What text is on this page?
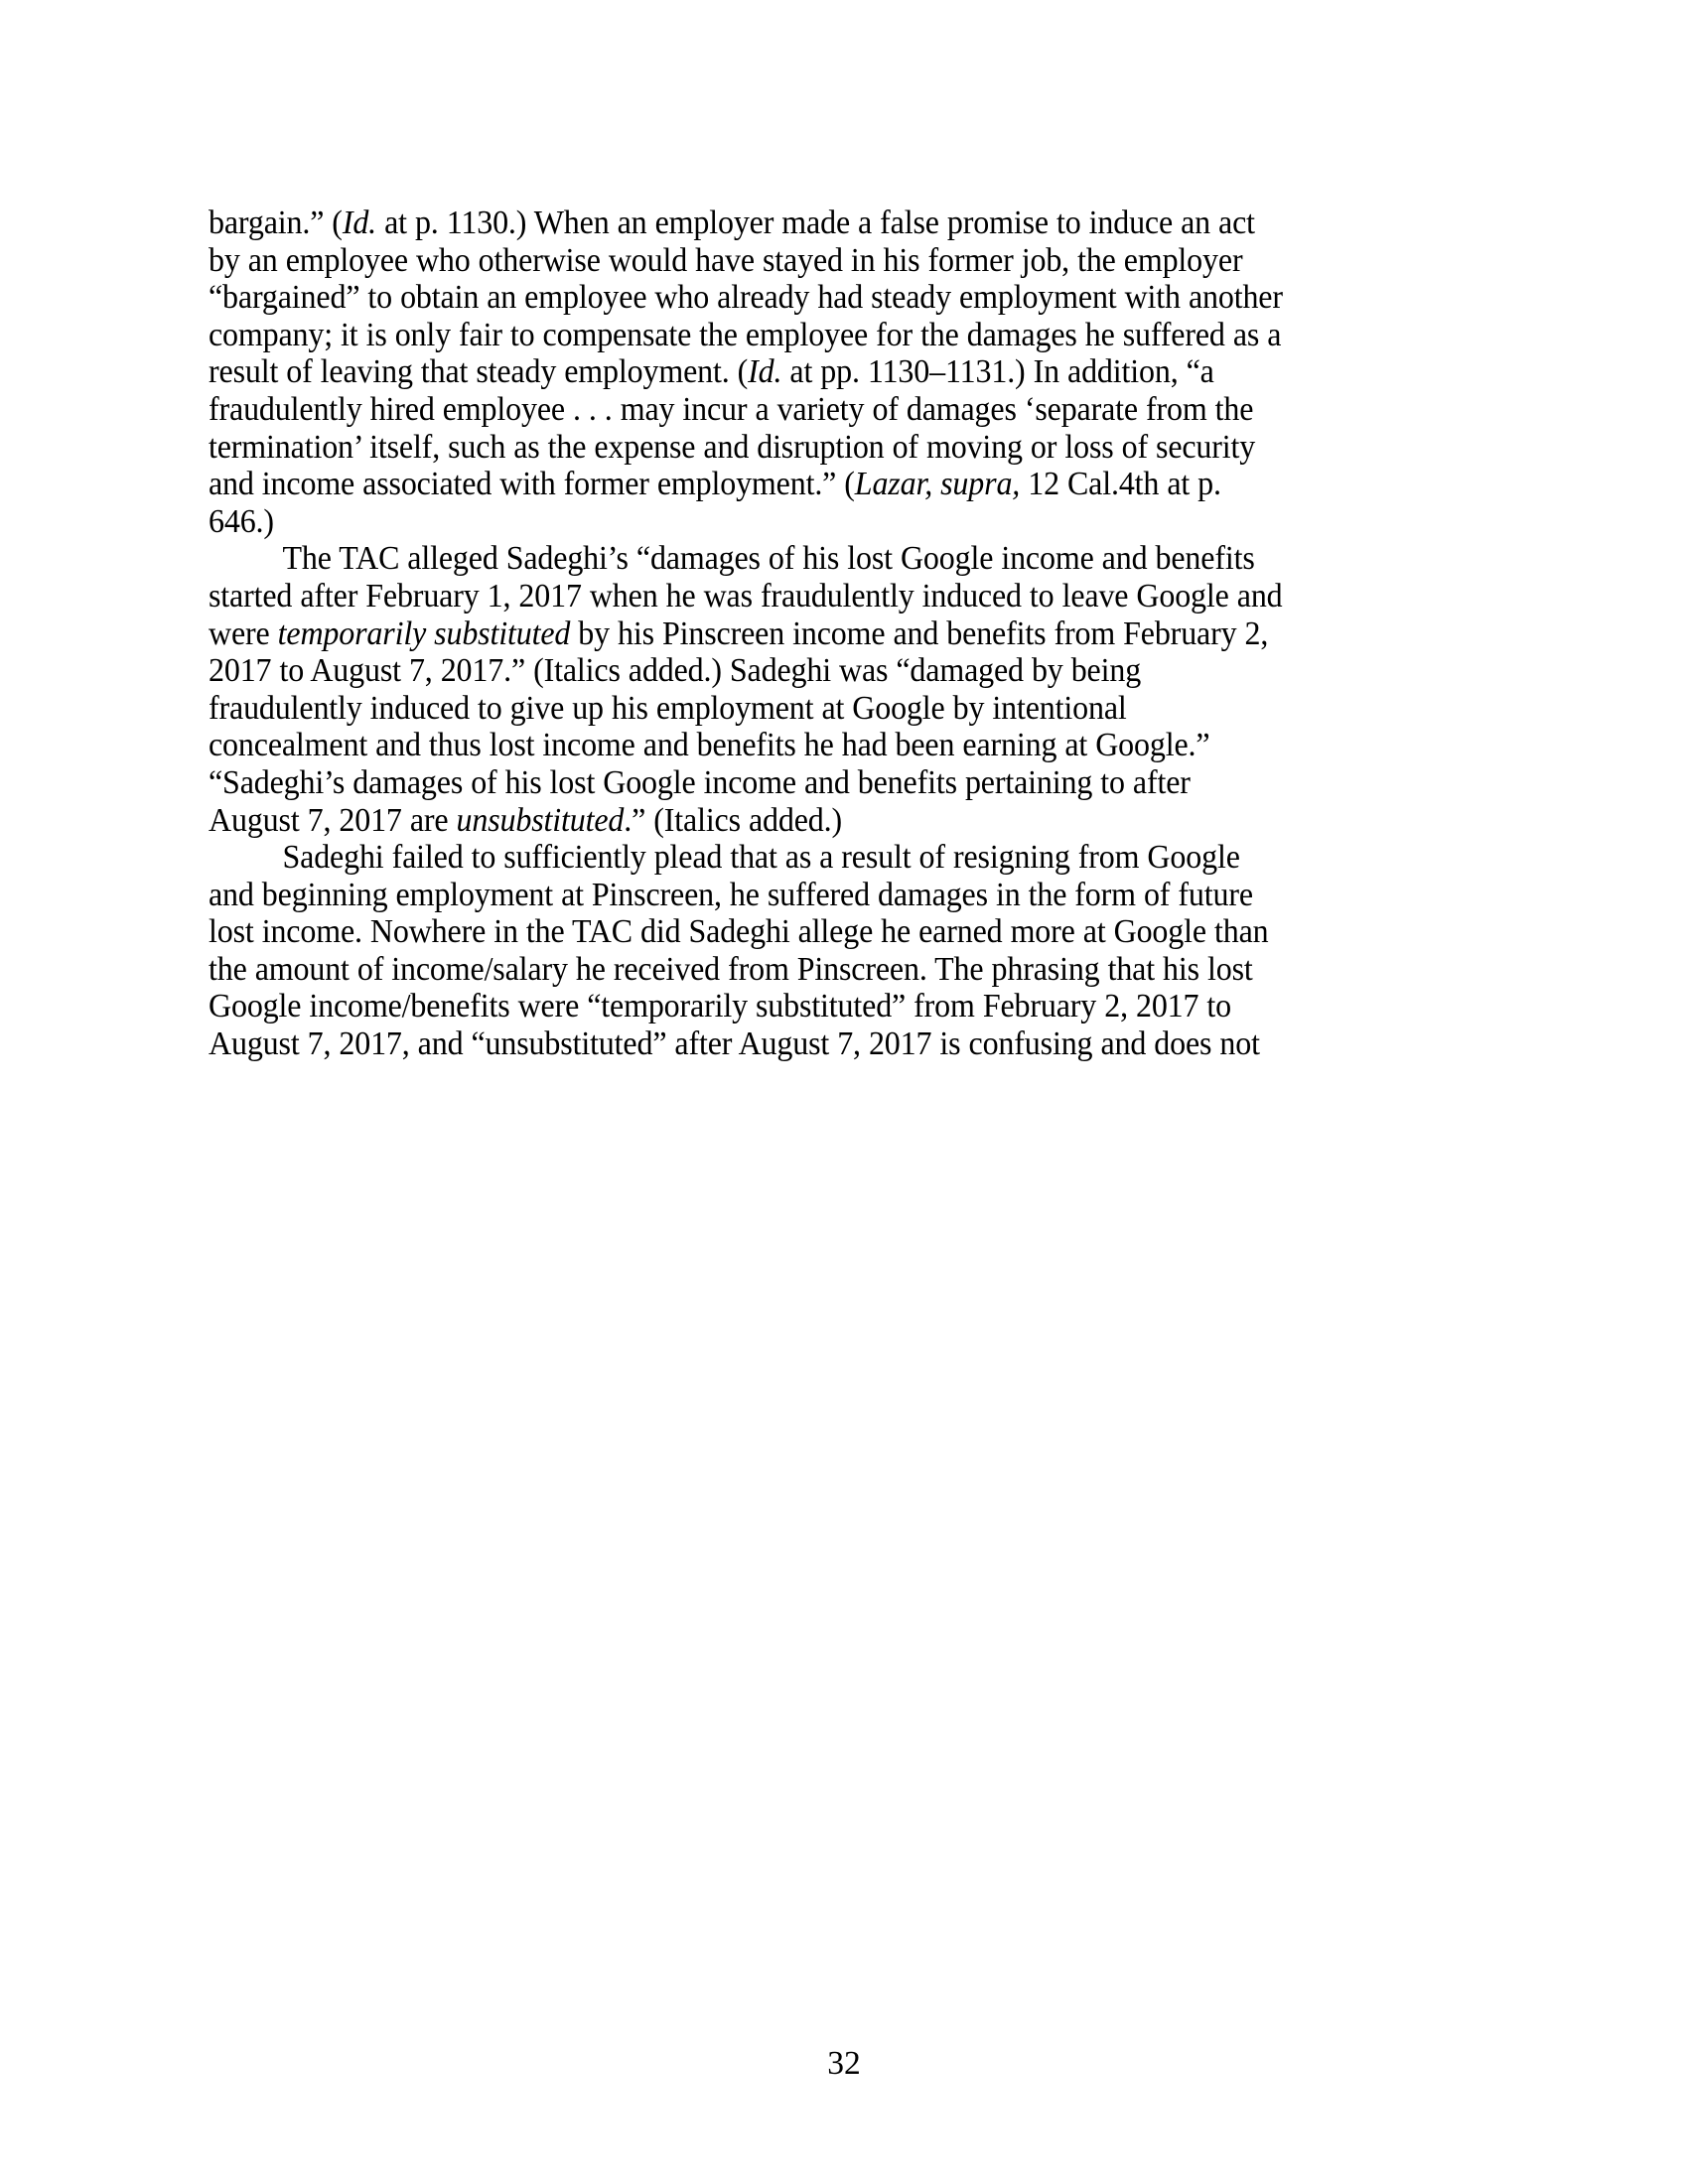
bargain.” (Id. at p. 1130.) When an employer made a false promise to induce an act by an employee who otherwise would have stayed in his former job, the employer “bargained” to obtain an employee who already had steady employment with another company; it is only fair to compensate the employee for the damages he suffered as a result of leaving that steady employment. (Id. at pp. 1130–1131.) In addition, “a fraudulently hired employee . . . may incur a variety of damages ‘separate from the termination’ itself, such as the expense and disruption of moving or loss of security and income associated with former employment.” (Lazar, supra, 12 Cal.4th at p. 646.)

The TAC alleged Sadeghi’s “damages of his lost Google income and benefits started after February 1, 2017 when he was fraudulently induced to leave Google and were temporarily substituted by his Pinscreen income and benefits from February 2, 2017 to August 7, 2017.” (Italics added.) Sadeghi was “damaged by being fraudulently induced to give up his employment at Google by intentional concealment and thus lost income and benefits he had been earning at Google.” “Sadeghi’s damages of his lost Google income and benefits pertaining to after August 7, 2017 are unsubstituted.” (Italics added.)

Sadeghi failed to sufficiently plead that as a result of resigning from Google and beginning employment at Pinscreen, he suffered damages in the form of future lost income. Nowhere in the TAC did Sadeghi allege he earned more at Google than the amount of income/salary he received from Pinscreen. The phrasing that his lost Google income/benefits were “temporarily substituted” from February 2, 2017 to August 7, 2017, and “unsubstituted” after August 7, 2017 is confusing and does not

32
